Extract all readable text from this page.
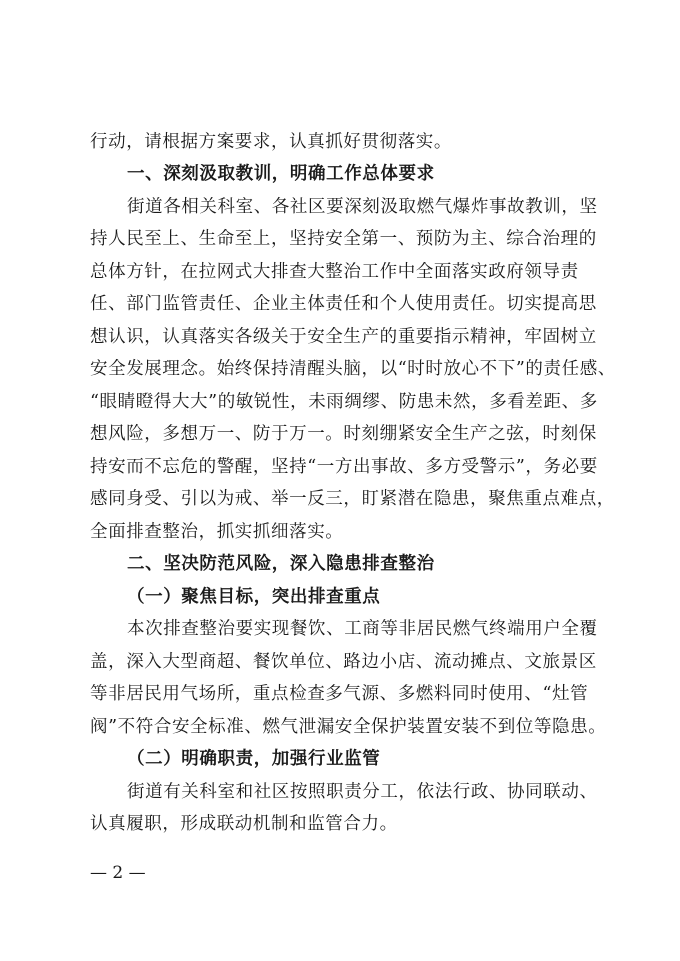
行动，请根据方案要求，认真抓好贯彻落实。
一、深刻汲取教训，明确工作总体要求
街道各相关科室、各社区要深刻汲取燃气爆炸事故教训，坚
持人民至上、生命至上，坚持安全第一、预防为主、综合治理的
总体方针，在拉网式大排查大整治工作中全面落实政府领导责
任、部门监管责任、企业主体责任和个人使用责任。切实提高思
想认识，认真落实各级关于安全生产的重要指示精神，牢固树立
安全发展理念。始终保持清醒头脑，以“时时放心不下”的责任感、
“眼睛瞪得大大”的敏锐性，未雨绸缪、防患未然，多看差距、多
想风险，多想万一、防于万一。时刻绷紧安全生产之弦，时刻保
持安而不忘危的警醒，坚持“一方出事故、多方受警示”，务必要
感同身受、引以为戒、举一反三，盯紧潜在隐患，聚焦重点难点，
全面排查整治，抓实抓细落实。
二、坚决防范风险，深入隐患排查整治
（一）聚焦目标，突出排查重点
本次排查整治要实现餐饮、工商等非居民燃气终端用户全覆
盖，深入大型商超、餐饮单位、路边小店、流动摊点、文旅景区
等非居民用气场所，重点检查多气源、多燃料同时使用、“灶管
阀”不符合安全标准、燃气泄漏安全保护装置安装不到位等隐患。
（二）明确职责，加强行业监管
街道有关科室和社区按照职责分工，依法行政、协同联动、
认真履职，形成联动机制和监管合力。
— 2 —
